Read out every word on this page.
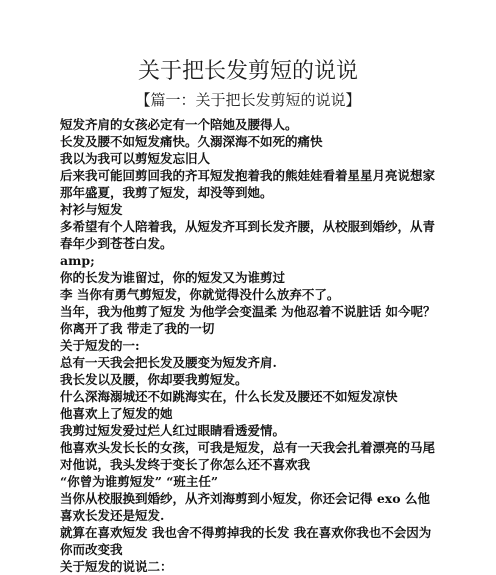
关于把长发剪短的说说
【篇一：关于把长发剪短的说说】
短发齐肩的女孩必定有一个陪她及腰得人。
长发及腰不如短发痛快。久溺深海不如死的痛快
我以为我可以剪短发忘旧人
后来我可能回剪回我的齐耳短发抱着我的熊娃娃看着星星月亮说想家
那年盛夏，我剪了短发，却没等到她。
衬衫与短发
多希望有个人陪着我，从短发齐耳到长发齐腰，从校服到婚纱，从青春年少到苍苍白发。
amp;
你的长发为谁留过，你的短发又为谁剪过
李 当你有勇气剪短发，你就觉得没什么放弃不了。
当年，我为他剪了短发 为他学会变温柔 为他忍着不说脏话 如今呢？你离开了我 带走了我的一切
关于短发的一:
总有一天我会把长发及腰变为短发齐肩.
我长发以及腰，你却要我剪短发。
什么深海溺城还不如跳海实在，什么长发及腰还不如短发凉快
他喜欢上了短发的她
我剪过短发爱过烂人红过眼睛看透爱情。
他喜欢头发长长的女孩，可我是短发，总有一天我会扎着漂亮的马尾对他说，我头发终于变长了你怎么还不喜欢我
“你曾为谁剪短发” “班主任”
当你从校服换到婚纱，从齐刘海剪到小短发，你还会记得 exo 么他喜欢长发还是短发.
就算在喜欢短发 我也舍不得剪掉我的长发 我在喜欢你我也不会因为你而改变我
关于短发的说说二：
